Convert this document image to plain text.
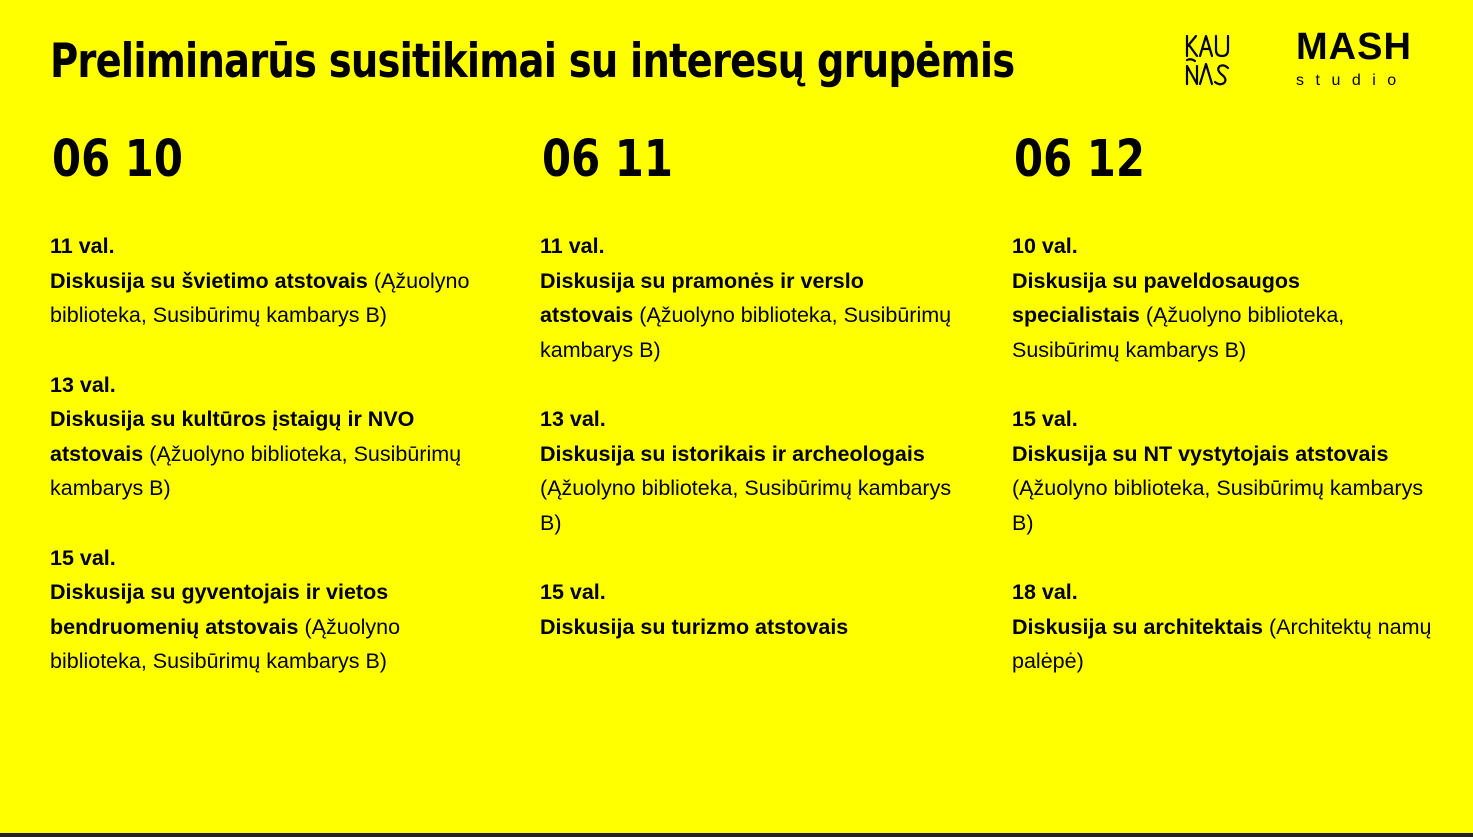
Preliminarūs susitikimai su interesų grupėmis	MASH
studio
06 10

11 val.

Diskusija su švietimo atstovais (Ąžuolyno biblioteka, Susibūrimų kambarys B)

13 val.

Diskusija su kultūros įstaigų ir NVO atstovais (Ąžuolyno biblioteka, Susibūrimų kambarys B)

15 val.

Diskusija su gyventojais ir vietos bendruomenių atstovais (Ąžuolyno biblioteka, Susibūrimų kambarys B)

06 11

11 val.

Diskusija su pramonės ir verslo atstovais (Ąžuolyno biblioteka, Susibūrimų kambarys B)

13 val.

Diskusija su istorikais ir archeologais (Ąžuolyno biblioteka, Susibūrimų kambarys B)

15 val.

Diskusija su turizmo atstovais

06 12

10 val.

Diskusija su paveldosaugos specialistais (Ąžuolyno biblioteka, Susibūrimų kambarys B)

15 val.

Diskusija su NT vystytojais atstovais (Ąžuolyno biblioteka, Susibūrimų kambarys B)

18 val.

Diskusija su architektais (Architektų namų palėpė)
